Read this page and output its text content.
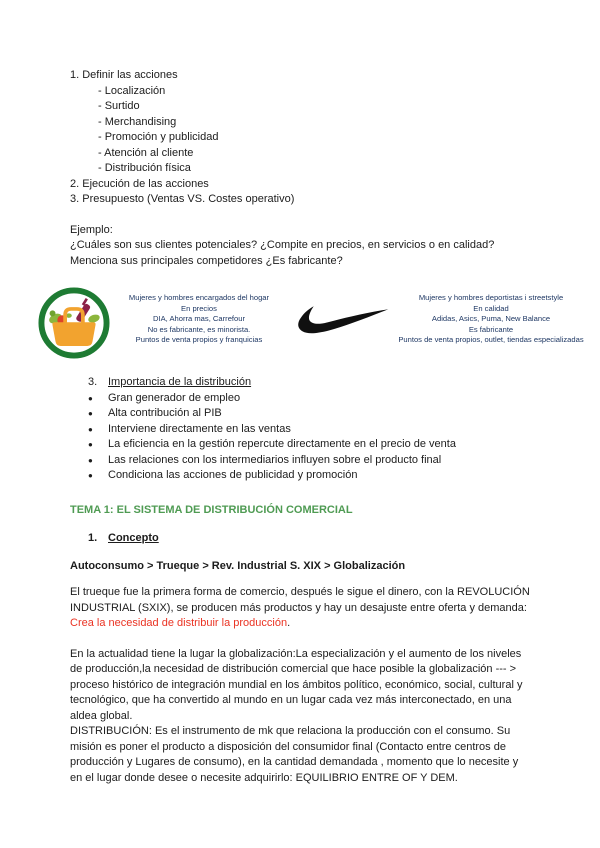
1. Definir las acciones
- Localización
- Surtido
- Merchandising
- Promoción y publicidad
- Atención al cliente
- Distribución física
2. Ejecución de las acciones
3. Presupuesto (Ventas VS. Costes operativo)
Ejemplo:

¿Cuáles son sus clientes potenciales? ¿Compite en precios, en servicios o en calidad? Menciona sus principales competidores ¿Es fabricante?

Mujeres y hombres encargados del hogar
En precios
DIA, Ahorra mas, Carrefour
No es fabricante, es minorista.
Puntos de venta propios y franquicias
Mujeres y hombres deportistas i streetstyle
En calidad
Adidas, Asics, Puma, New Balance
Es fabricante
Puntos de venta propios, outlet, tiendas especializadas
3. Importancia de la distribución
●	Gran generador de empleo
●	Alta contribución al PIB
●	Interviene directamente en las ventas
●	La eficiencia en la gestión repercute directamente en el precio de venta
●	Las relaciones con los intermediarios influyen sobre el producto final
●	Condiciona las acciones de publicidad y promoción
TEMA 1: EL SISTEMA DE DISTRIBUCIÓN COMERCIAL
1. Concepto
Autoconsumo > Trueque > Rev. Industrial S. XIX > Globalización

El trueque fue la primera forma de comercio, después le sigue el dinero, con la REVOLUCIÓN INDUSTRIAL (SXIX), se producen más productos y hay un desajuste entre oferta y demanda: Crea la necesidad de distribuir la producción.

En la actualidad tiene la lugar la globalización:La especialización y el aumento de los niveles de producción,la necesidad de distribución comercial que hace posible la globalización --- > proceso histórico de integración mundial en los ámbitos político, económico, social, cultural y tecnológico, que ha convertido al mundo en un lugar cada vez más interconectado, en una aldea global.

DISTRIBUCIÓN: Es el instrumento de mk que relaciona la producción con el consumo. Su misión es poner el producto a disposición del consumidor final (Contacto entre centros de producción y Lugares de consumo), en la cantidad demandada , momento que lo necesite y en el lugar donde desee o necesite adquirirlo: EQUILIBRIO ENTRE OF Y DEM.
